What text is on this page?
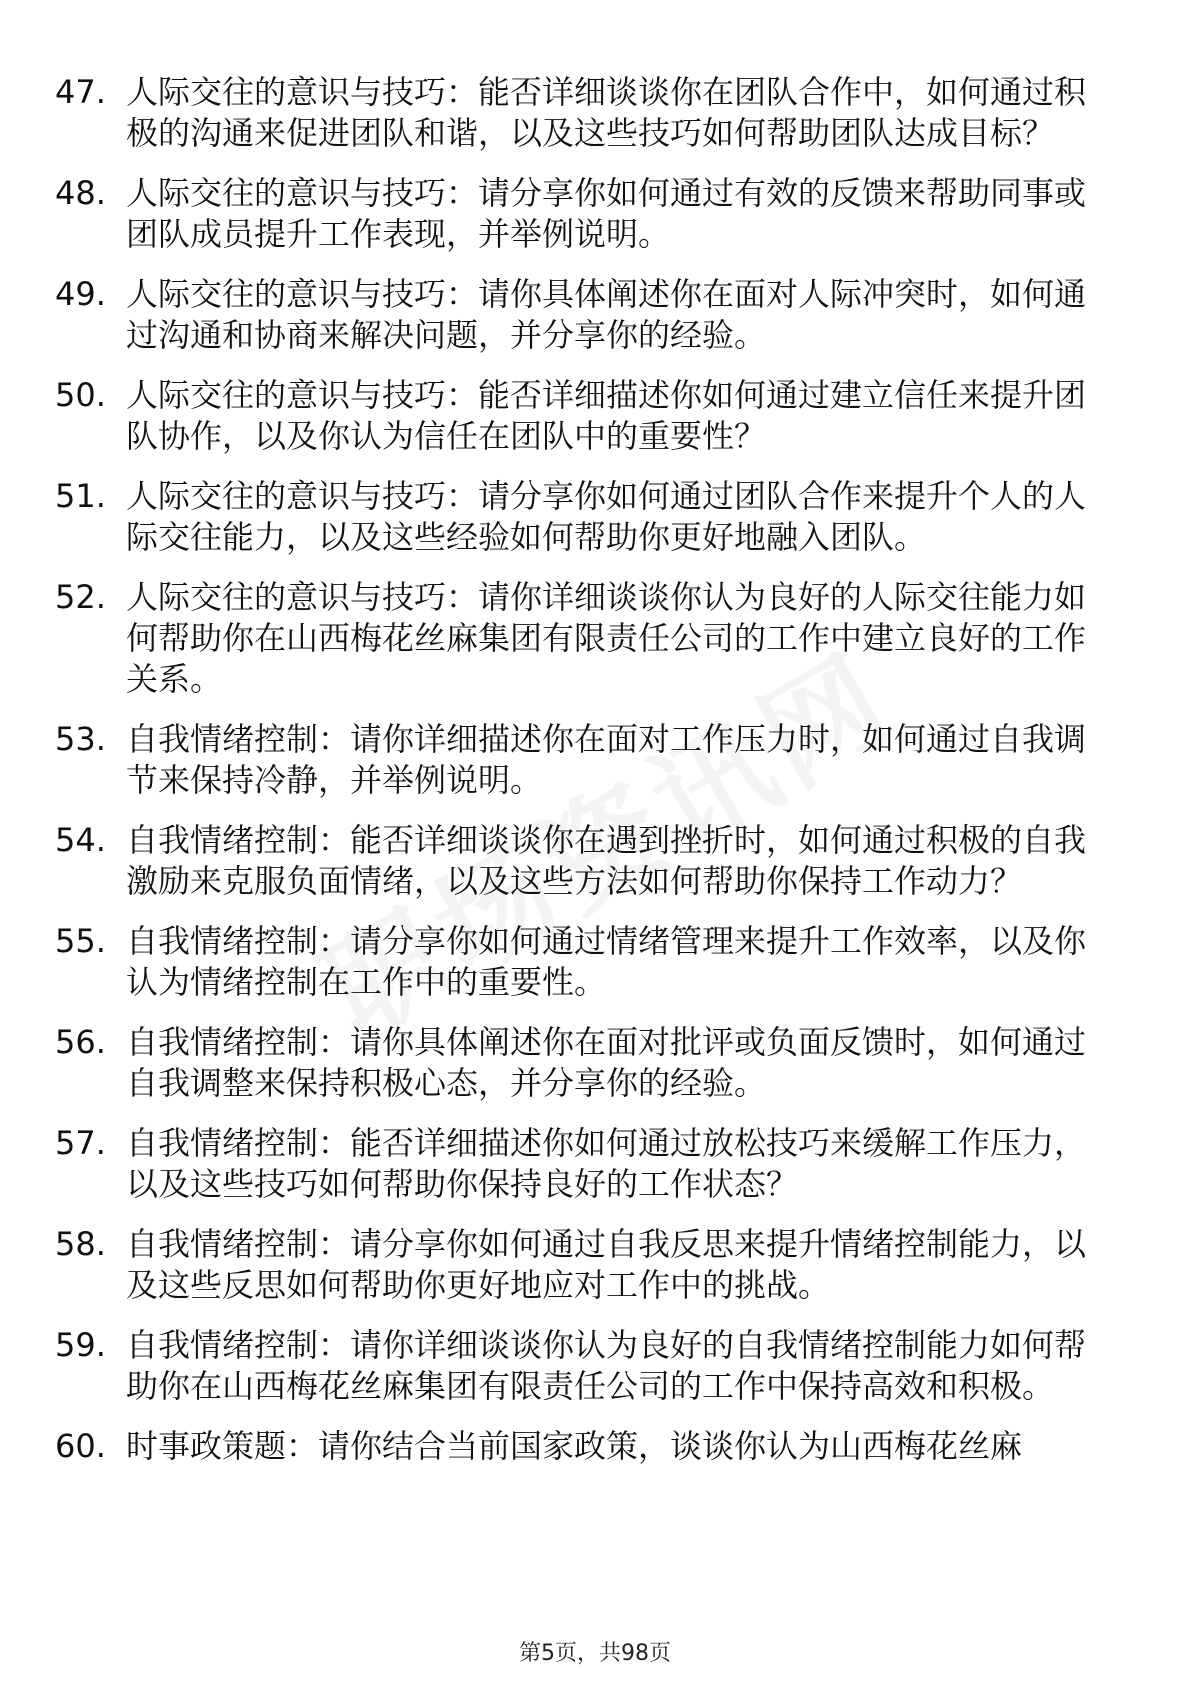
47. 人际交往的意识与技巧：能否详细谈谈你在团队合作中，如何通过积极的沟通来促进团队和谐，以及这些技巧如何帮助团队达成目标？
48. 人际交往的意识与技巧：请分享你如何通过有效的反馈来帮助同事或团队成员提升工作表现，并举例说明。
49. 人际交往的意识与技巧：请你具体阐述你在面对人际冲突时，如何通过沟通和协商来解决问题，并分享你的经验。
50. 人际交往的意识与技巧：能否详细描述你如何通过建立信任来提升团队协作，以及你认为信任在团队中的重要性？
51. 人际交往的意识与技巧：请分享你如何通过团队合作来提升个人的人际交往能力，以及这些经验如何帮助你更好地融入团队。
52. 人际交往的意识与技巧：请你详细谈谈你认为良好的人际交往能力如何帮助你在山西梅花丝麻集团有限责任公司的工作中建立良好的工作关系。
53. 自我情绪控制：请你详细描述你在面对工作压力时，如何通过自我调节来保持冷静，并举例说明。
54. 自我情绪控制：能否详细谈谈你在遇到挫折时，如何通过积极的自我激励来克服负面情绪，以及这些方法如何帮助你保持工作动力？
55. 自我情绪控制：请分享你如何通过情绪管理来提升工作效率，以及你认为情绪控制在工作中的重要性。
56. 自我情绪控制：请你具体阐述你在面对批评或负面反馈时，如何通过自我调整来保持积极心态，并分享你的经验。
57. 自我情绪控制：能否详细描述你如何通过放松技巧来缓解工作压力，以及这些技巧如何帮助你保持良好的工作状态？
58. 自我情绪控制：请分享你如何通过自我反思来提升情绪控制能力，以及这些反思如何帮助你更好地应对工作中的挑战。
59. 自我情绪控制：请你详细谈谈你认为良好的自我情绪控制能力如何帮助你在山西梅花丝麻集团有限责任公司的工作中保持高效和积极。
60. 时事政策题：请你结合当前国家政策，谈谈你认为山西梅花丝麻
第5页，共98页
